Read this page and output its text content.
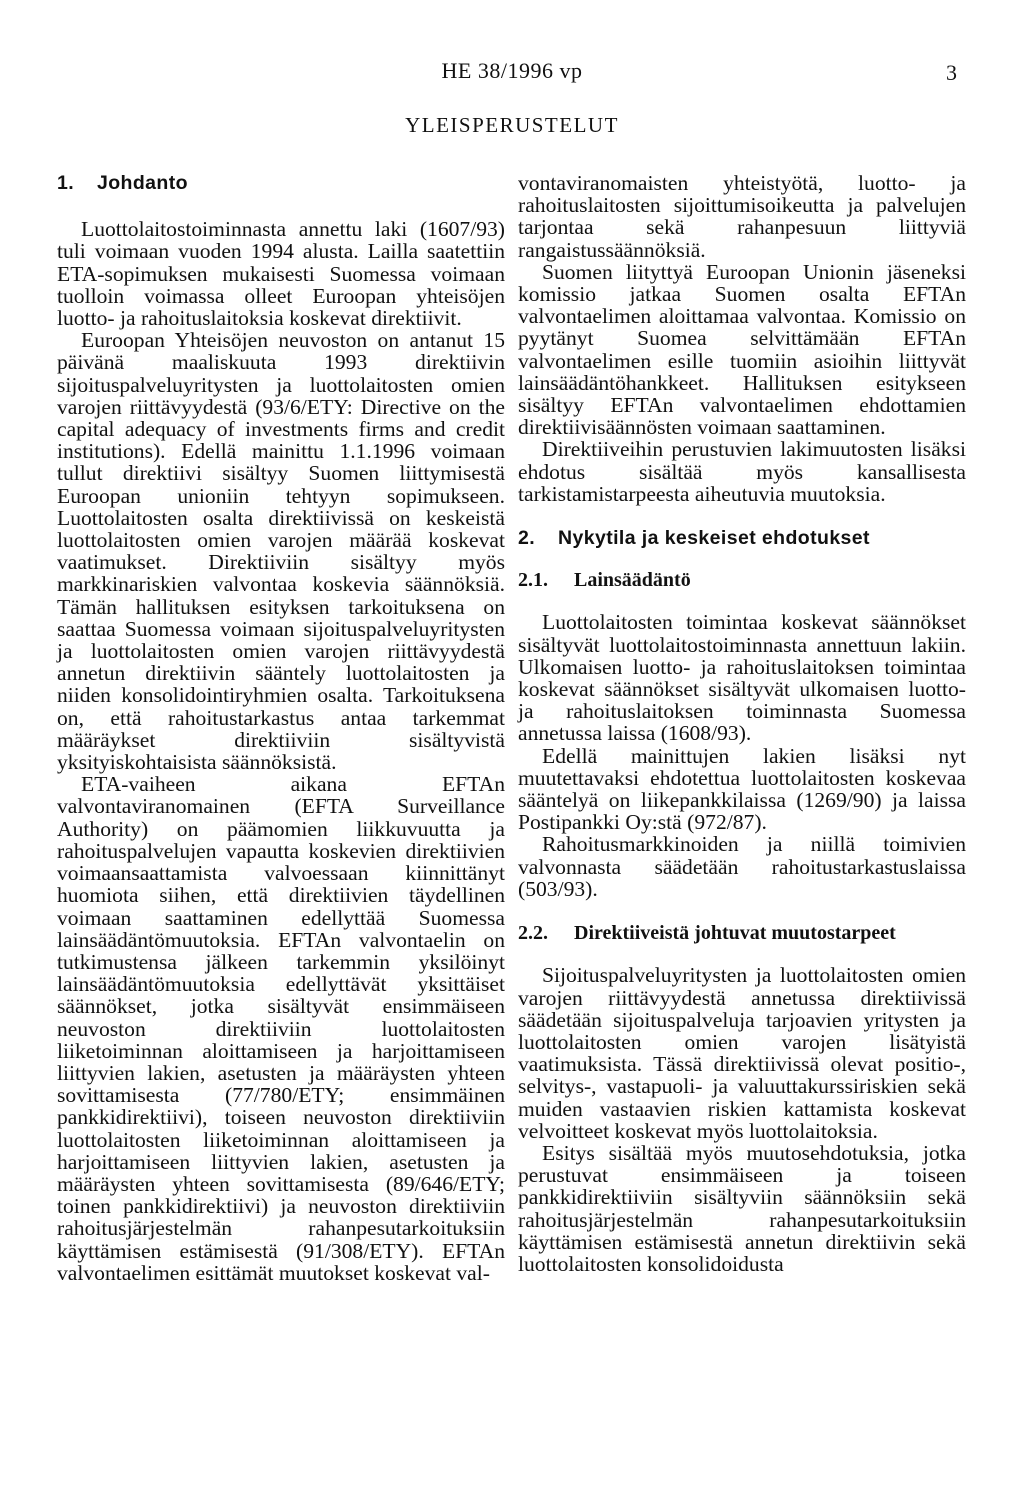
HE 38/1996 vp	3
YLEISPERUSTELUT
1. Johdanto

Luottolaitostoiminnasta annettu laki (1607/93) tuli voimaan vuoden 1994 alusta. Lailla saatettiin ETA-sopimuksen mukaisesti Suomessa voimaan tuolloin voimassa olleet Euroopan yhteisöjen luotto- ja rahoituslaitoksia koskevat direktiivit.

Euroopan Yhteisöjen neuvoston on antanut 15 päivänä maaliskuuta 1993 direktiivin sijoituspalveluyritysten ja luottolaitosten omien varojen riittävyydestä (93/6/ETY: Directive on the capital adequacy of investments firms and credit institutions). Edellä mainittu 1.1.1996 voimaan tullut direktiivi sisältyy Suomen liittymisestä Euroopan unioniin tehtyyn sopimukseen. Luottolaitosten osalta direktiivissä on keskeistä luottolaitosten omien varojen määrää koskevat vaatimukset. Direktiiviin sisältyy myös markkinariskien valvontaa koskevia säännöksiä. Tämän hallituksen esityksen tarkoituksena on saattaa Suomessa voimaan sijoituspalveluyritysten ja luottolaitosten omien varojen riittävyydestä annetun direktiivin sääntely luottolaitosten ja niiden konsolidointiryhmien osalta. Tarkoituksena on, että rahoitustarkastus antaa tarkemmat määräykset direktiiviin sisältyvistä yksityiskohtaisista säännöksistä.

ETA-vaiheen aikana EFTAn valvontaviranomainen (EFTA Surveillance Authority) on päämomien liikkuvuutta ja rahoituspalvelujen vapautta koskevien direktiivien voimaansaattamista valvoessaan kiinnittänyt huomiota siihen, että direktiivien täydellinen voimaan saattaminen edellyttää Suomessa lainsäädäntömuutoksia. EFTAn valvontaelin on tutkimustensa jälkeen tarkemmin yksilöinyt lainsäädäntömuutoksia edellyttävät yksittäiset säännökset, jotka sisältyvät ensimmäiseen neuvoston direktiiviin luottolaitosten liiketoiminnan aloittamiseen ja harjoittamiseen liittyvien lakien, asetusten ja määräysten yhteen sovittamisesta (77/780/ETY; ensimmäinen pankkidirektiivi), toiseen neuvoston direktiiviin luottolaitosten liiketoiminnan aloittamiseen ja harjoittamiseen liittyvien lakien, asetusten ja määräysten yhteen sovittamisesta (89/646/ETY; toinen pankkidirektiivi) ja neuvoston direktiiviin rahoitusjärjestelmän rahanpesutarkoituksiin käyttämisen estämisestä (91/308/ETY). EFTAn valvontaelimen esittämät muutokset koskevat val-

vontaviranomaisten yhteistyötä, luotto- ja rahoituslaitosten sijoittumisoikeutta ja palvelujen tarjontaa sekä rahanpesuun liittyviä rangaistussäännöksiä.

Suomen liityttyä Euroopan Unionin jäseneksi komissio jatkaa Suomen osalta EFTAn valvontaelimen aloittamaa valvontaa. Komissio on pyytänyt Suomea selvittämään EFTAn valvontaelimen esille tuomiin asioihin liittyvät lainsäädäntöhankkeet. Hallituksen esitykseen sisältyy EFTAn valvontaelimen ehdottamien direktiivisäännösten voimaan saattaminen.

Direktiiveihin perustuvien lakimuutosten lisäksi ehdotus sisältää myös kansallisesta tarkistamistarpeesta aiheutuvia muutoksia.

2. Nykytila ja keskeiset ehdotukset
2.1. Lainsäädäntö

Luottolaitosten toimintaa koskevat säännökset sisältyvät luottolaitostoiminnasta annettuun lakiin. Ulkomaisen luotto- ja rahoituslaitoksen toimintaa koskevat säännökset sisältyvät ulkomaisen luotto- ja rahoituslaitoksen toiminnasta Suomessa annetussa laissa (1608/93).

Edellä mainittujen lakien lisäksi nyt muutettavaksi ehdotettua luottolaitosten koskevaa sääntelyä on liikepankkilaissa (1269/90) ja laissa Postipankki Oy:stä (972/87).

Rahoitusmarkkinoiden ja niillä toimivien valvonnasta säädetään rahoitustarkastuslaissa (503/93).

2.2. Direktiiveistä johtuvat muutostarpeet

Sijoituspalveluyritysten ja luottolaitosten omien varojen riittävyydestä annetussa direktiivissä säädetään sijoituspalveluja tarjoavien yritysten ja luottolaitosten omien varojen lisätyistä vaatimuksista. Tässä direktiivissä olevat positio-, selvitys-, vastapuoli- ja valuuttakurssiriskien sekä muiden vastaavien riskien kattamista koskevat velvoitteet koskevat myös luottolaitoksia.

Esitys sisältää myös muutosehdotuksia, jotka perustuvat ensimmäiseen ja toiseen pankkidirektiiviin sisältyviin säännöksiin sekä rahoitusjärjestelmän rahanpesutarkoituksiin käyttämisen estämisestä annetun direktiivin sekä luottolaitosten konsolidoidusta
